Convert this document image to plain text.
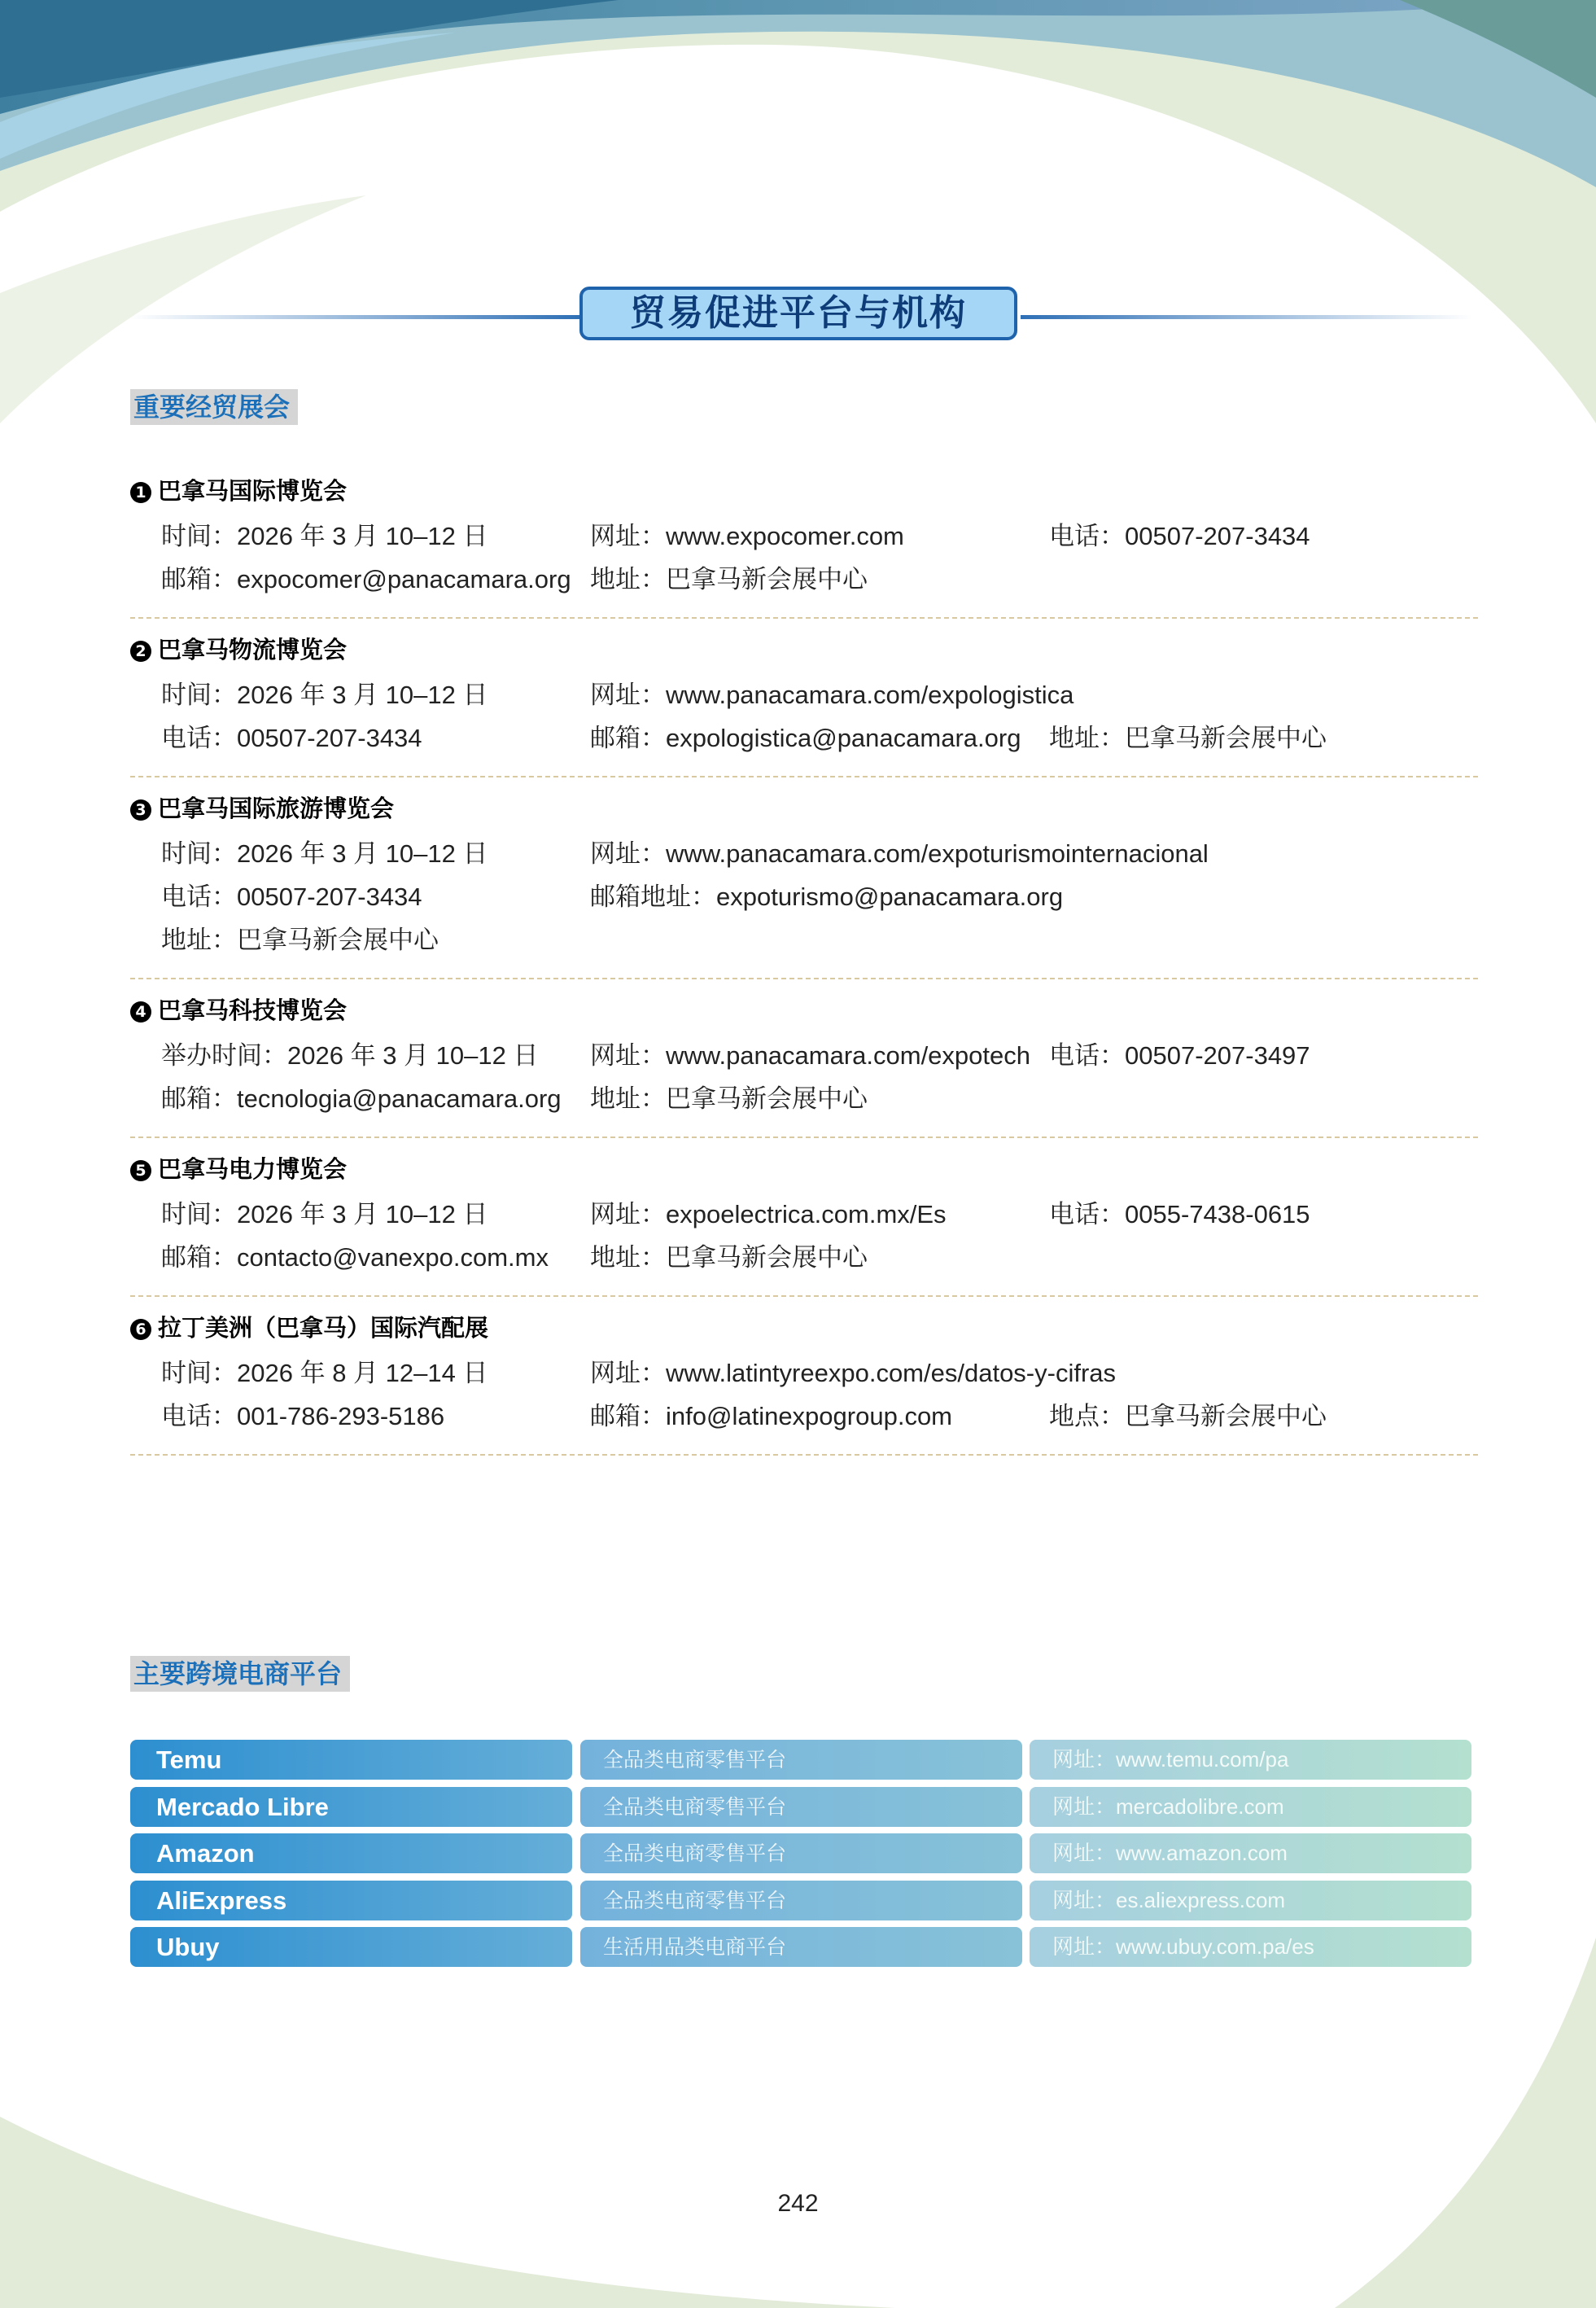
贸易促进平台与机构
重要经贸展会
1 巴拿马国际博览会
时间：2026 年 3 月 10–12 日	网址：www.expocomer.com	电话：00507-207-3434
邮箱：expocomer@panacamara.org 地址：巴拿马新会展中心
2 巴拿马物流博览会
时间：2026 年 3 月 10–12 日	网址：www.panacamara.com/expologistica
电话：00507-207-3434	邮箱：expologistica@panacamara.org 地址：巴拿马新会展中心
3 巴拿马国际旅游博览会
时间：2026 年 3 月 10–12 日	网址：www.panacamara.com/expoturismointernacional
电话：00507-207-3434	邮箱地址：expoturismo@panacamara.org
地址：巴拿马新会展中心
4 巴拿马科技博览会
举办时间：2026 年 3 月 10–12 日 网址：www.panacamara.com/expotech 电话：00507-207-3497
邮箱：tecnologia@panacamara.org 地址：巴拿马新会展中心
5 巴拿马电力博览会
时间：2026 年 3 月 10–12 日	网址：expoelectrica.com.mx/Es	电话：0055-7438-0615
邮箱：contacto@vanexpo.com.mx 地址：巴拿马新会展中心
6 拉丁美洲（巴拿马）国际汽配展
时间：2026 年 8 月 12–14 日	网址：www.latintyreexpo.com/es/datos-y-cifras
电话：001-786-293-5186	邮箱：info@latinexpogroup.com	地点：巴拿马新会展中心
主要跨境电商平台
Temu	全品类电商零售平台	网址：www.temu.com/pa
Mercado Libre	全品类电商零售平台	网址：mercadolibre.com
Amazon	全品类电商零售平台	网址：www.amazon.com
AliExpress	全品类电商零售平台	网址：es.aliexpress.com
Ubuy	生活用品类电商平台	网址：www.ubuy.com.pa/es
242
